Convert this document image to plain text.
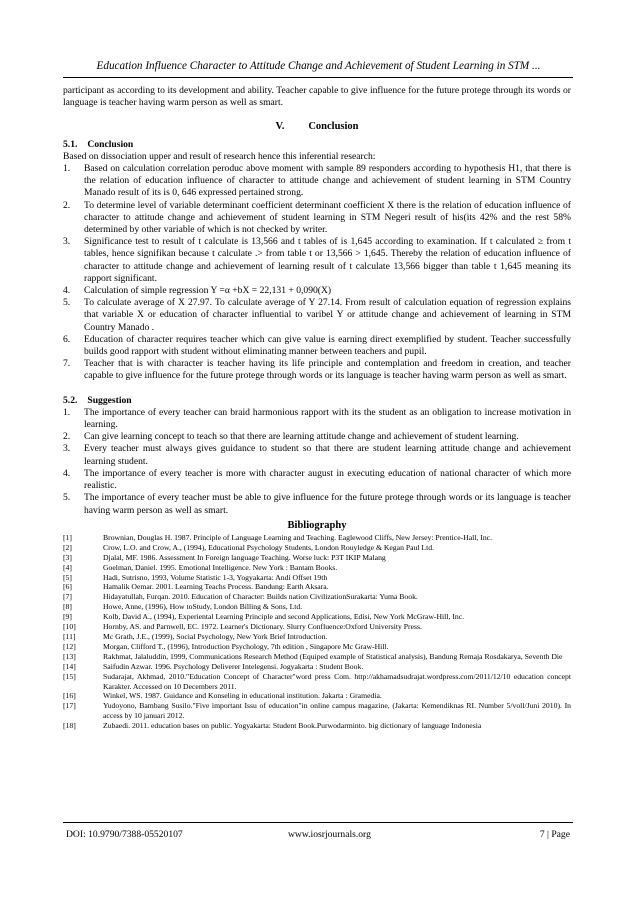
Education Influence Character to Attitude Change and Achievement of Student Learning in STM ...

participant as according to its development and ability. Teacher capable to give influence for the future protege through its words or language is teacher having warm person as well as smart.

V. Conclusion
5.1. Conclusion

Based on dissociation upper and result of research hence this inferential research:

1. Based on calculation correlation peroduc above moment with sample 89 responders according to hypothesis H1, that there is the relation of education influence of character to attitude change and achievement of student learning in STM Country Manado result of its is 0, 646 expressed pertained strong.
2. To determine level of variable determinant coefficient determinant coefficient X there is the relation of education influence of character to attitude change and achievement of student learning in STM Negeri result of his(its 42% and the rest 58% determined by other variable of which is not checked by writer.
3. Significance test to result of t calculate is 13,566 and t tables of is 1,645 according to examination. If t calculated ≥ from t tables, hence signifikan because t calculate .> from table t or 13,566 > 1,645. Thereby the relation of education influence of character to attitude change and achievement of learning result of t calculate 13,566 bigger than table t 1,645 meaning its rapport significant.
4. Calculation of simple regression Y =α +bX = 22,131 + 0,090(X)
5. To calculate average of X 27.97. To calculate average of Y 27.14. From result of calculation equation of regression explains that variable X or education of character influential to varibel Y or attitude change and achievement of learning in STM Country Manado .
6. Education of character requires teacher which can give value is earning direct exemplified by student. Teacher successfully builds good rapport with student without eliminating manner between teachers and pupil.
7. Teacher that is with character is teacher having its life principle and contemplation and freedom in creation, and teacher capable to give influence for the future protege through words or its language is teacher having warm person as well as smart.
5.2. Suggestion
1. The importance of every teacher can braid harmonious rapport with its the student as an obligation to increase motivation in learning.
2. Can give learning concept to teach so that there are learning attitude change and achievement of student learning.
3. Every teacher must always gives guidance to student so that there are student learning attitude change and achievement learning student.
4. The importance of every teacher is more with character august in executing education of national character of which more realistic.
5. The importance of every teacher must be able to give influence for the future protege through words or its language is teacher having warm person as well as smart.
Bibliography
[1]	Brownian, Douglas H. 1987. Principle of Language Learning and Teaching. Eaglewood Cliffs, New Jersey: Prentice-Hall, Inc.
[2]	Crow, L.O. and Crow, A., (1994), Educational Psychology Students, London Rouyledge & Kegan Paul Ltd.
[3]	Djalal, MF. 1986. Assessment In Foreign language Teaching. Worse luck: P3T IKIP Malang
[4]	Goelman, Daniel. 1995. Emotional Intelligence. New York : Bantam Books.
[5]	Hadi, Sutrisno, 1993, Volume Statistic 1-3, Yogyakarta: Andi Offset 19th
[6]	Hamalik Oemar. 2001. Learning Teachs Process. Bandung: Earth Aksara.
[7]	Hidayatullah, Furqan. 2010. Education of Character: Builds nation CivilizationSurakarta: Yuma Book.
[8]	Howe, Anne, (1996), How toStudy, London Billing & Sons, Ltd.
[9]	Kolb, David A., (1994), Experiental Learning Principle and second Applications, Edisi, New York McGraw-Hill, Inc.
[10]	Hornby, AS. and Parnwell, EC. 1972. Learner's Dictionary. Slurry Confluence:Oxford University Press.
[11]	Mc Grath, J.E., (1999), Social Psychology, New York Brief Introduction.
[12]	Morgan, Clifford T., (1996), Introduction Psychology, 7th edition , Singapore Mc Graw-Hill.
[13]	Rakhmat, Jalaluddin, 1999, Communications Research Method (Equiped example of Statistical analysis), Bandung Remaja Rosdakarya, Seventh Die
[14]	Saifudin Azwar. 1996. Psychology Deliverer Intelegensi. Jogyakarta : Student Book.
[15]	Sudarajat, Akhmad, 2010."Education Concept of Character"word press Com. http://akhamadsudrajat.wordpress.com/2011/12/10 education concept Karakter. Accessed on 10 Decembers 2011.
[16]	Winkel, WS. 1987. Guidance and Konseling in educational institution. Jakarta : Gramedia.
[17]	Yudoyono, Bambang Susilo."Five important Issu of education"in online campus magazine, (Jakarta: Kemendiknas RI. Number 5/voll/Juni 2010). In access by 10 januari 2012.
[18]	Zubaedi. 2011. education bases on public. Yogyakarta: Student Book.Purwodarminto. big dictionary of language Indonesia
DOI: 10.9790/7388-05520107	www.iosrjournals.org	7 | Page
